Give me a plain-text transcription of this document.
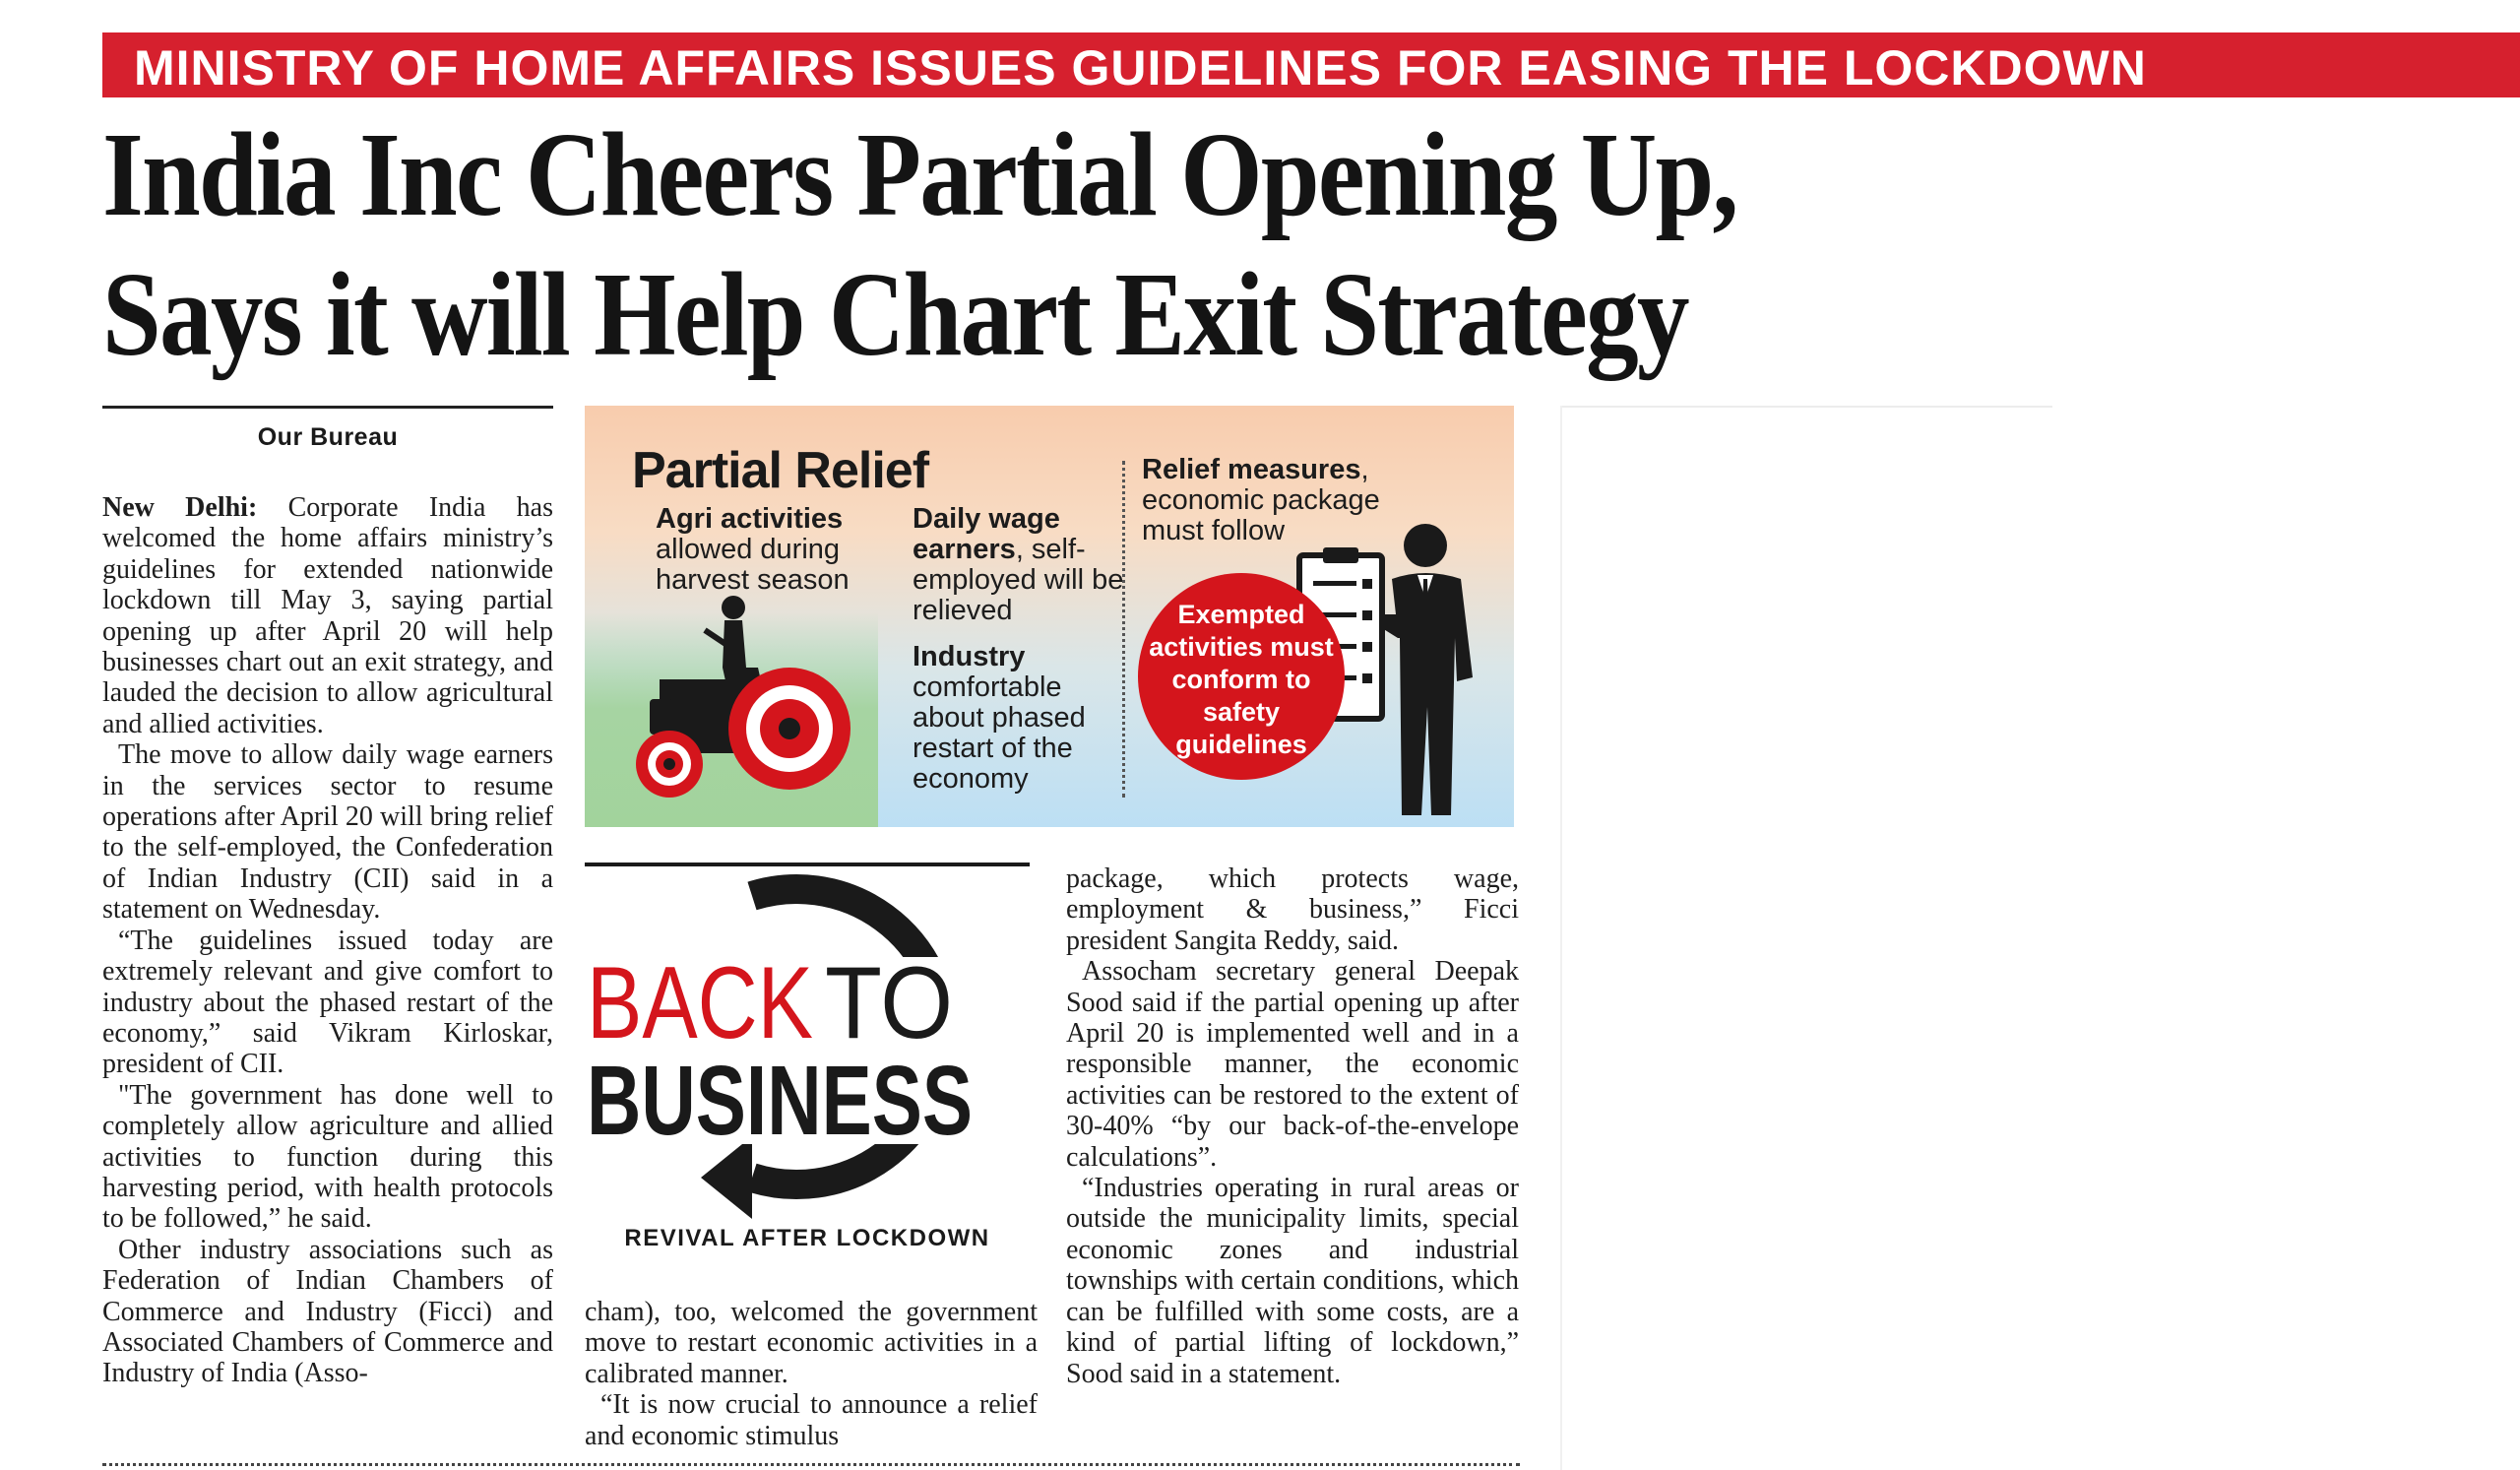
MINISTRY OF HOME AFFAIRS ISSUES GUIDELINES FOR EASING THE LOCKDOWN
India Inc Cheers Partial Opening Up,
Says it will Help Chart Exit Strategy
Our Bureau

New Delhi: Corporate India has welcomed the home affairs ministry’s guidelines for extended nationwide lockdown till May 3, saying partial opening up after April 20 will help businesses chart out an exit strategy, and lauded the decision to allow agricultural and allied activities.

The move to allow daily wage earners in the services sector to resume operations after April 20 will bring relief to the self-employed, the Confederation of Indian Industry (CII) said in a statement on Wednesday.

“The guidelines issued today are extremely relevant and give comfort to industry about the phased restart of the economy,” said Vikram Kirloskar, president of CII.

"The government has done well to completely allow agriculture and allied activities to function during this harvesting period, with health protocols to be followed,” he said.

Other industry associations such as Federation of Indian Chambers of Commerce and Industry (Ficci) and Associated Chambers of Commerce and Industry of India (Asso-

Partial Relief
Agri activities
allowed during harvest season
Daily wage earners, self-employed will be relieved
Industry
comfortable about phased restart of the economy
Relief measures, economic package must follow
Exempted activities must conform to safety guidelines
BACK TO
BUSINESS
REVIVAL AFTER LOCKDOWN

cham), too, welcomed the government move to restart economic activities in a calibrated manner.

“It is now crucial to announce a relief and economic stimulus

package, which protects wage, employment & business,” Ficci president Sangita Reddy, said.

Assocham secretary general Deepak Sood said if the partial opening up after April 20 is implemented well and in a responsible manner, the economic activities can be restored to the extent of 30-40% “by our back-of-the-envelope calculations”.

“Industries operating in rural areas or outside the municipality limits, special economic zones and industrial townships with certain conditions, which can be fulfilled with some costs, are a kind of partial lifting of lockdown,” Sood said in a statement.
